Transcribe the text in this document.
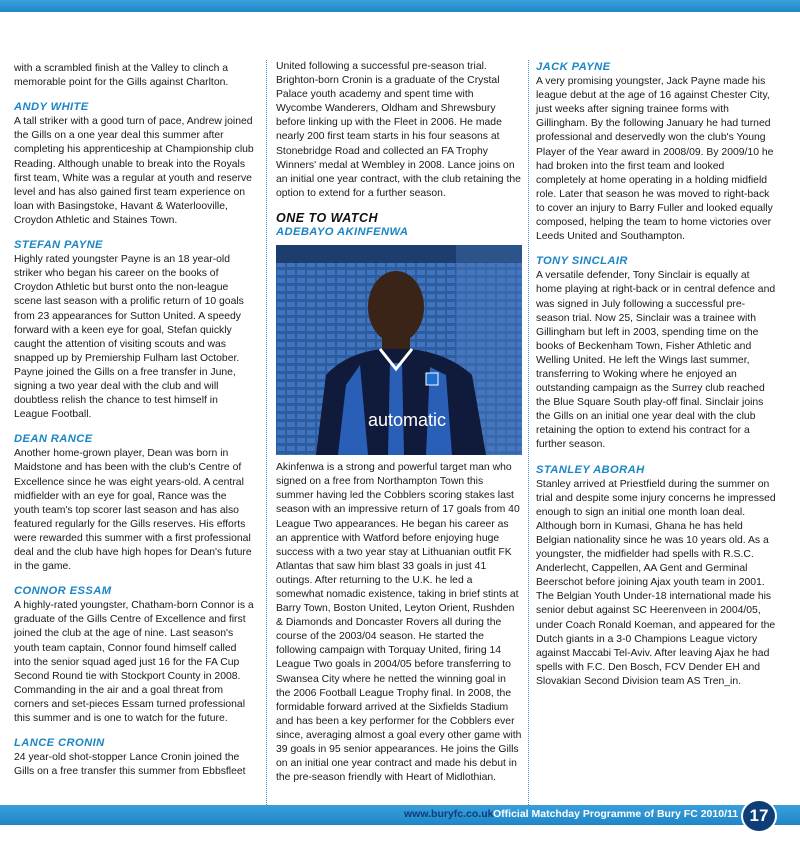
with a scrambled finish at the Valley to clinch a memorable point for the Gills against Charlton.

ANDY WHITE

A tall striker with a good turn of pace, Andrew joined the Gills on a one year deal this summer after completing his apprenticeship at Championship club Reading. Although unable to break into the Royals first team, White was a regular at youth and reserve level and has also gained first team experience on loan with Basingstoke, Havant & Waterlooville, Croydon Athletic and Staines Town.

STEFAN PAYNE

Highly rated youngster Payne is an 18 year-old striker who began his career on the books of Croydon Athletic but burst onto the non-league scene last season with a prolific return of 10 goals from 23 appearances for Sutton United. A speedy forward with a keen eye for goal, Stefan quickly caught the attention of visiting scouts and was snapped up by Premiership Fulham last October. Payne joined the Gills on a free transfer in June, signing a two year deal with the club and will doubtless relish the chance to test himself in League Football.

DEAN RANCE

Another home-grown player, Dean was born in Maidstone and has been with the club's Centre of Excellence since he was eight years-old. A central midfielder with an eye for goal, Rance was the youth team's top scorer last season and has also featured regularly for the Gills reserves. His efforts were rewarded this summer with a first professional deal and the club have high hopes for Dean's future in the game.

CONNOR ESSAM

A highly-rated youngster, Chatham-born Connor is a graduate of the Gills Centre of Excellence and first joined the club at the age of nine. Last season's youth team captain, Connor found himself called into the senior squad aged just 16 for the FA Cup Second Round tie with Stockport County in 2008. Commanding in the air and a goal threat from corners and set-pieces Essam turned professional this summer and is one to watch for the future.

LANCE CRONIN

24 year-old shot-stopper Lance Cronin joined the Gills on a free transfer this summer from Ebbsfleet

United following a successful pre-season trial. Brighton-born Cronin is a graduate of the Crystal Palace youth academy and spent time with Wycombe Wanderers, Oldham and Shrewsbury before linking up with the Fleet in 2006. He made nearly 200 first team starts in his four seasons at Stonebridge Road and collected an FA Trophy Winners' medal at Wembley in 2008. Lance joins on an initial one year contract, with the club retaining the option to extend for a further season.

ONE TO WATCH
ADEBAYO AKINFENWA
automatic

Akinfenwa is a strong and powerful target man who signed on a free from Northampton Town this summer having led the Cobblers scoring stakes last season with an impressive return of 17 goals from 40 League Two appearances. He began his career as an apprentice with Watford before enjoying huge success with a two year stay at Lithuanian outfit FK Atlantas that saw him blast 33 goals in just 41 outings. After returning to the U.K. he led a somewhat nomadic existence, taking in brief stints at Barry Town, Boston United, Leyton Orient, Rushden & Diamonds and Doncaster Rovers all during the course of the 2003/04 season. He started the following campaign with Torquay United, firing 14 League Two goals in 2004/05 before transferring to Swansea City where he netted the winning goal in the 2006 Football League Trophy final. In 2008, the formidable forward arrived at the Sixfields Stadium and has been a key performer for the Cobblers ever since, averaging almost a goal every other game with 39 goals in 95 senior appearances. He joins the Gills on an initial one year contract and made his debut in the pre-season friendly with Heart of Midlothian.

JACK PAYNE

A very promising youngster, Jack Payne made his league debut at the age of 16 against Chester City, just weeks after signing trainee forms with Gillingham. By the following January he had turned professional and deservedly won the club's Young Player of the Year award in 2008/09. By 2009/10 he had broken into the first team and looked completely at home operating in a holding midfield role. Later that season he was moved to right-back to cover an injury to Barry Fuller and looked equally composed, helping the team to home victories over Leeds United and Southampton.

TONY SINCLAIR

A versatile defender, Tony Sinclair is equally at home playing at right-back or in central defence and was signed in July following a successful pre-season trial. Now 25, Sinclair was a trainee with Gillingham but left in 2003, spending time on the books of Beckenham Town, Fisher Athletic and Welling United. He left the Wings last summer, transferring to Woking where he enjoyed an outstanding campaign as the Surrey club reached the Blue Square South play-off final. Sinclair joins the Gills on an initial one year deal with the club retaining the option to extend his contract for a further season.

STANLEY ABORAH

Stanley arrived at Priestfield during the summer on trial and despite some injury concerns he impressed enough to sign an initial one month loan deal. Although born in Kumasi, Ghana he has held Belgian nationality since he was 10 years old. As a youngster, the midfielder had spells with R.S.C. Anderlecht, Cappellen, AA Gent and Germinal Beerschot before joining Ajax youth team in 2001. The Belgian Youth Under-18 international made his senior debut against SC Heerenveen in 2004/05, under Coach Ronald Koeman, and appeared for the Dutch giants in a 3-0 Champions League victory against Maccabi Tel-Aviv. After leaving Ajax he had spells with F.C. Den Bosch, FCV Dender EH and Slovakian Second Division team AS Tren_in.

www.buryfc.co.uk Official Matchday Programme of Bury FC 2010/11 17
